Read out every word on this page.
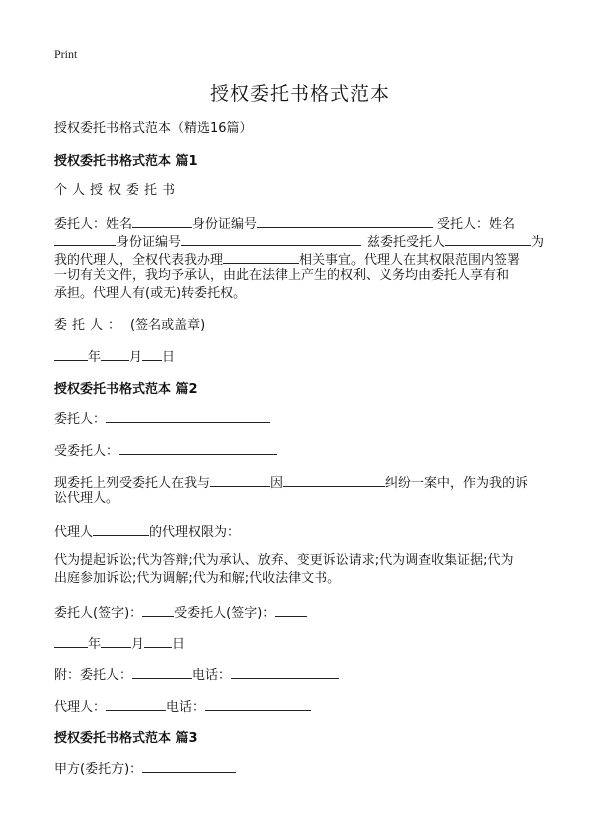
Print
授权委托书格式范本
授权委托书格式范本（精选16篇）
授权委托书格式范本 篇1
个人授权委托书
委托人：姓名	身份证编号	受托人：姓名
身份证编号	兹委托受托人	为
我的代理人，全权代表我办理	相关事宜。代理人在其权限范围内签署
一切有关文件，我均予承认，由此在法律上产生的权利、义务均由委托人享有和
承担。代理人有(或无)转委托权。
委托人： (签名或盖章)
年 月 日
授权委托书格式范本 篇2
委托人：
受委托人：
现委托上列受委托人在我与	因	纠纷一案中，作为我的诉
讼代理人。
代理人	的代理权限为：
代为提起诉讼;代为答辩;代为承认、放弃、变更诉讼请求;代为调查收集证据;代为
出庭参加诉讼;代为调解;代为和解;代收法律文书。
委托人(签字)： 受委托人(签字)：
年 月 日
附：委托人：	电话：
代理人：	电话：
授权委托书格式范本 篇3
甲方(委托方)：
